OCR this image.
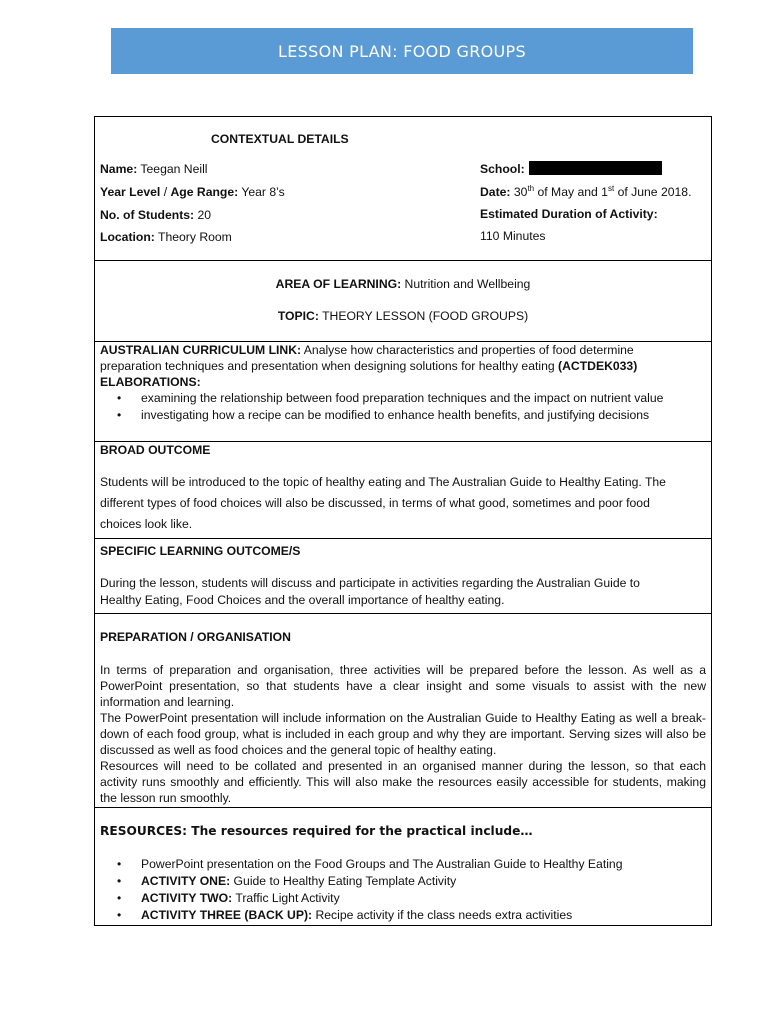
LESSON PLAN: FOOD GROUPS
CONTEXTUAL DETAILS
Name: Teegan Neill
Year Level / Age Range: Year 8’s
No. of Students: 20
Location: Theory Room
School:
Date: 30th of May and 1st of June 2018.
Estimated Duration of Activity:
110 Minutes
AREA OF LEARNING: Nutrition and Wellbeing
TOPIC: THEORY LESSON (FOOD GROUPS)
AUSTRALIAN CURRICULUM LINK: Analyse how characteristics and properties of food determine
preparation techniques and presentation when designing solutions for healthy eating (ACTDEK033)
ELABORATIONS:
• examining the relationship between food preparation techniques and the impact on nutrient value
• investigating how a recipe can be modified to enhance health benefits, and justifying decisions
BROAD OUTCOME
Students will be introduced to the topic of healthy eating and The Australian Guide to Healthy Eating. The
different types of food choices will also be discussed, in terms of what good, sometimes and poor food
choices look like.
SPECIFIC LEARNING OUTCOME/S
During the lesson, students will discuss and participate in activities regarding the Australian Guide to
Healthy Eating, Food Choices and the overall importance of healthy eating.
PREPARATION / ORGANISATION
In terms of preparation and organisation, three activities will be prepared before the lesson. As well as a PowerPoint presentation, so that students have a clear insight and some visuals to assist with the new information and learning.
The PowerPoint presentation will include information on the Australian Guide to Healthy Eating as well a break-down of each food group, what is included in each group and why they are important. Serving sizes will also be discussed as well as food choices and the general topic of healthy eating.
Resources will need to be collated and presented in an organised manner during the lesson, so that each activity runs smoothly and efficiently. This will also make the resources easily accessible for students, making the lesson run smoothly.
RESOURCES: The resources required for the practical include…
• PowerPoint presentation on the Food Groups and The Australian Guide to Healthy Eating
• ACTIVITY ONE: Guide to Healthy Eating Template Activity
• ACTIVITY TWO: Traffic Light Activity
• ACTIVITY THREE (BACK UP): Recipe activity if the class needs extra activities
